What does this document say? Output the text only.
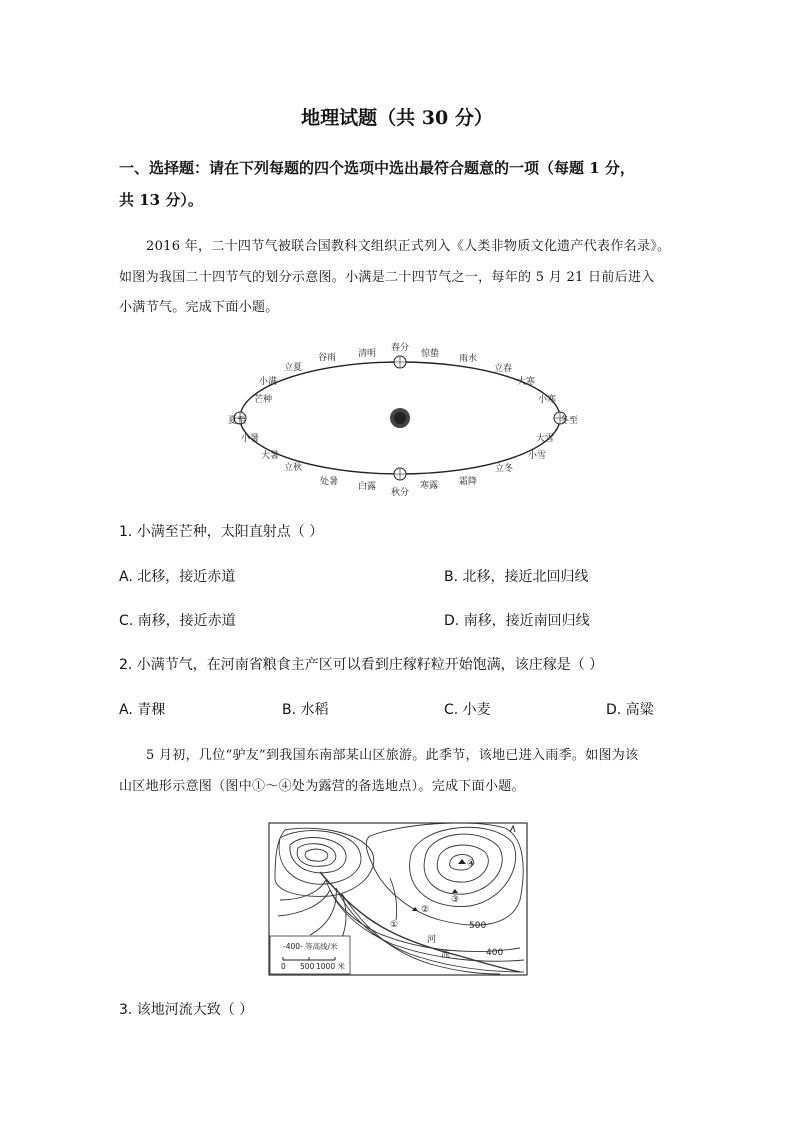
地理试题（共 30 分）
一、选择题：请在下列每题的四个选项中选出最符合题意的一项（每题 1 分，
共 13 分）。
2016 年，二十四节气被联合国教科文组织正式列入《人类非物质文化遗产代表作名录》。
如图为我国二十四节气的划分示意图。小满是二十四节气之一，每年的 5 月 21 日前后进入
小满节气。完成下面小题。
春分
清明
谷雨
立夏
小满
芒种
夏至
小暑
大暑
立秋
处暑 白露
秋分
寒露 霜降
立冬
小雪
大雪
冬至
小寒
大寒
立春
雨水
惊蛰
1. 小满至芒种，太阳直射点（ ）
A. 北移，接近赤道	B. 北移，接近北回归线
C. 南移，接近赤道	D. 南移，接近南回归线
2. 小满节气，在河南省粮食主产区可以看到庄稼籽粒开始饱满，该庄稼是（ ）
A. 青稞	B. 水稻	C. 小麦	D. 高粱
5 月初，几位“驴友”到我国东南部某山区旅游。此季节，该地已进入雨季。如图为该
山区地形示意图（图中①～④处为露营的备选地点）。完成下面小题。
500
400
河
流
①
②
③
④
-400- 等高线/米
0 500 1000 米
3. 该地河流大致（ ）
